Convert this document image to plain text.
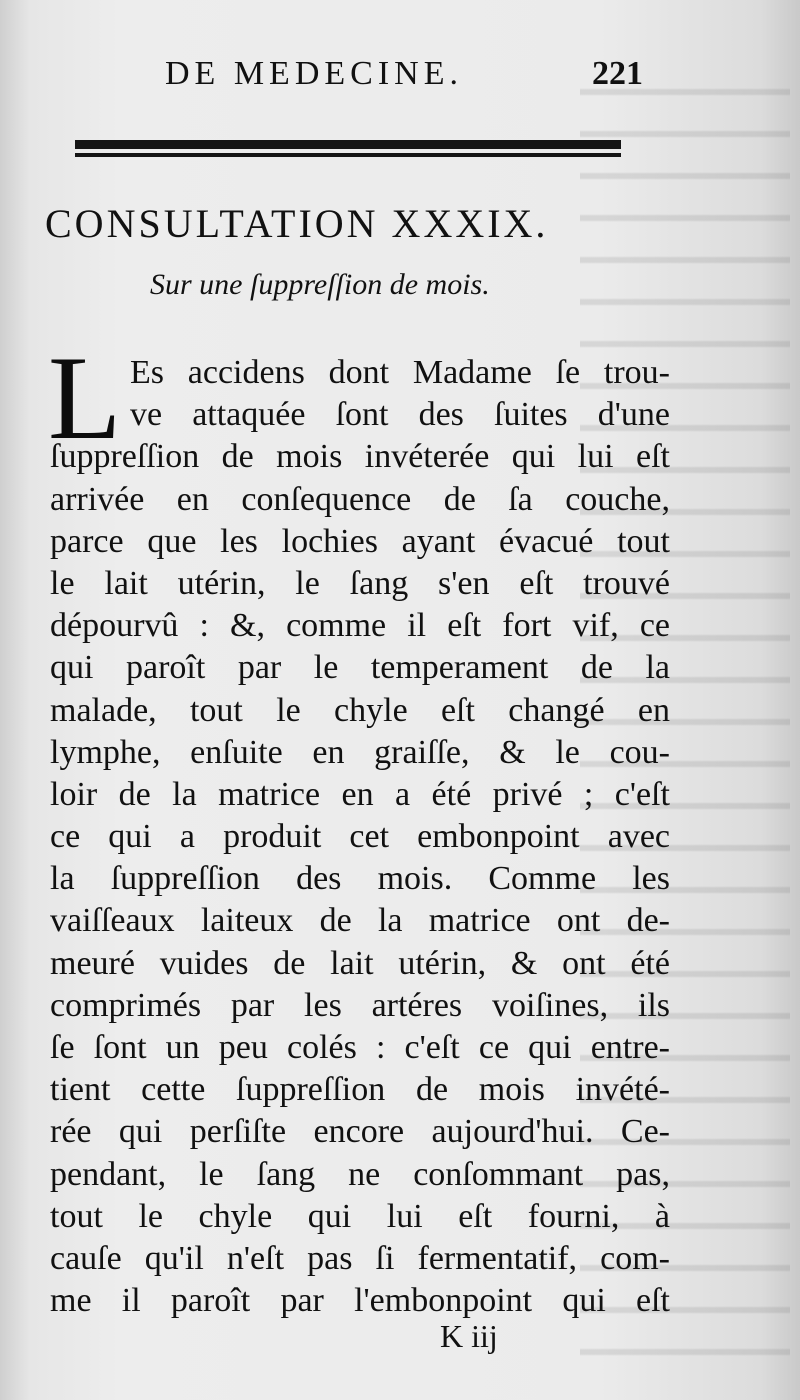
DE MEDECINE.	221
CONSULTATION XXXIX.
Sur une ſuppreſſion de mois.
L Es accidens dont Madame ſe trou-
ve attaquée ſont des ſuites d'une
ſuppreſſion de mois invéterée qui lui eſt
arrivée en conſequence de ſa couche,
parce que les lochies ayant évacué tout
le lait utérin, le ſang s'en eſt trouvé
dépourvû : &, comme il eſt fort vif, ce
qui paroît par le temperament de la
malade, tout le chyle eſt changé en
lymphe, enſuite en graiſſe, & le cou-
loir de la matrice en a été privé ; c'eſt
ce qui a produit cet embonpoint avec
la ſuppreſſion des mois. Comme les
vaiſſeaux laiteux de la matrice ont de-
meuré vuides de lait utérin, & ont été
comprimés par les artéres voiſines, ils
ſe ſont un peu colés : c'eſt ce qui entre-
tient cette ſuppreſſion de mois invété-
rée qui perſiſte encore aujourd'hui. Ce-
pendant, le ſang ne conſommant pas,
tout le chyle qui lui eſt fourni, à
cauſe qu'il n'eſt pas ſi fermentatif, com-
me il paroît par l'embonpoint qui eſt
K iij
